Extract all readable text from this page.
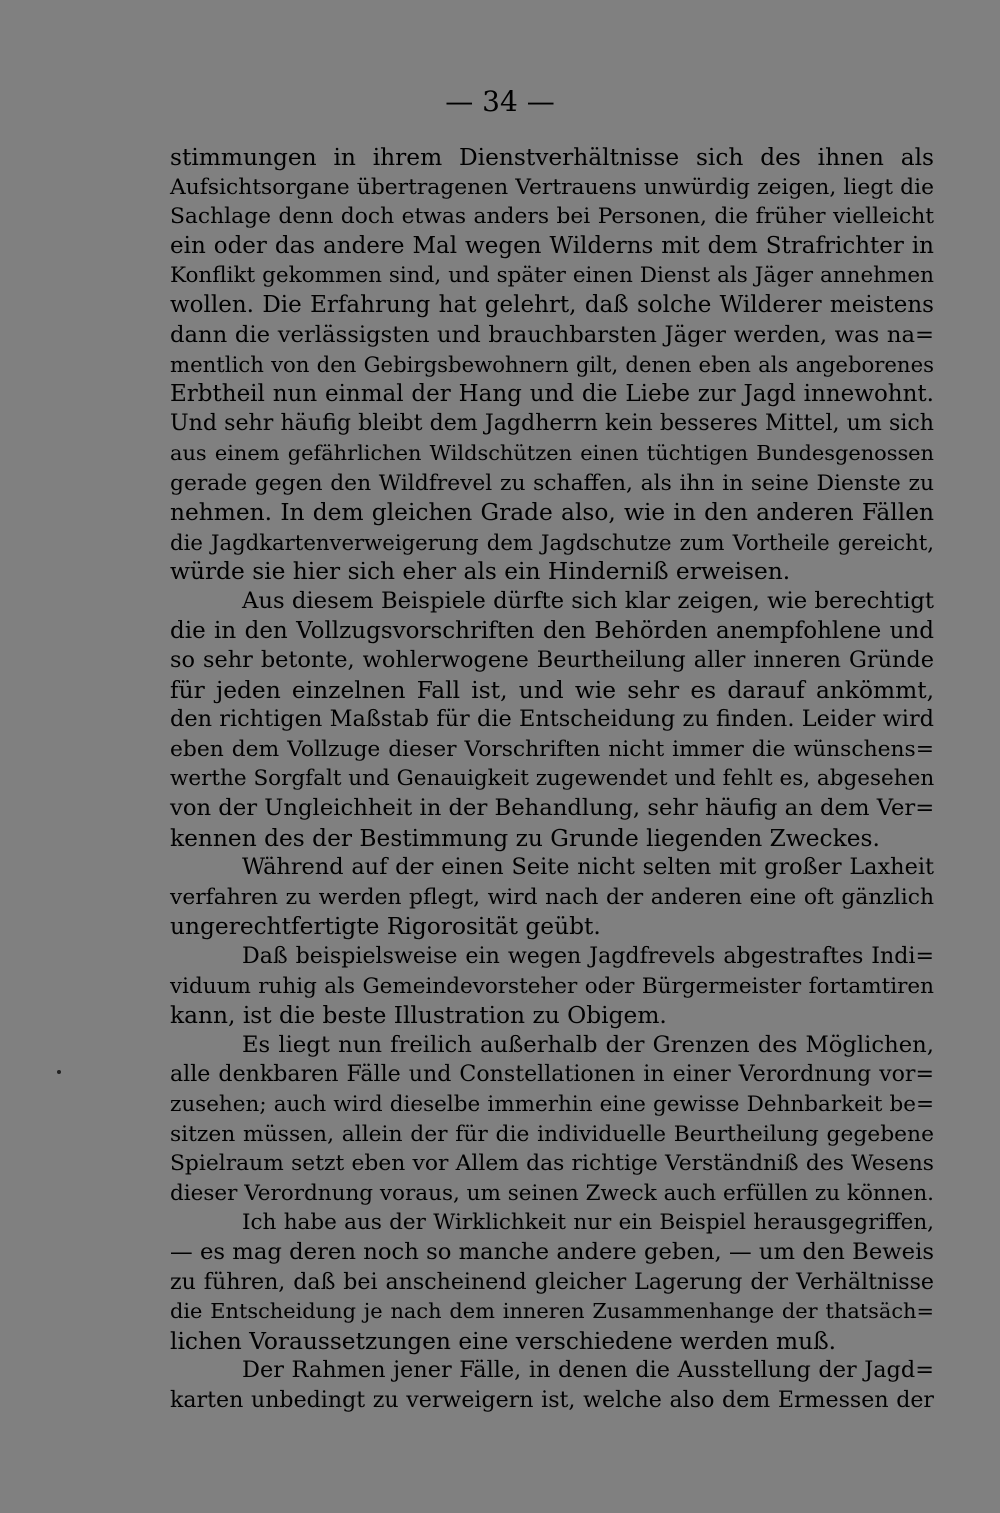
— 34 —
stimmungen in ihrem Dienstverhältnisse sich des ihnen als
Aufsichtsorgane übertragenen Vertrauens unwürdig zeigen, liegt die
Sachlage denn doch etwas anders bei Personen, die früher vielleicht
ein oder das andere Mal wegen Wilderns mit dem Strafrichter in
Konflikt gekommen sind, und später einen Dienst als Jäger annehmen
wollen. Die Erfahrung hat gelehrt, daß solche Wilderer meistens
dann die verlässigsten und brauchbarsten Jäger werden, was na=
mentlich von den Gebirgsbewohnern gilt, denen eben als angeborenes
Erbtheil nun einmal der Hang und die Liebe zur Jagd innewohnt.
Und sehr häufig bleibt dem Jagdherrn kein besseres Mittel, um sich
aus einem gefährlichen Wildschützen einen tüchtigen Bundesgenossen
gerade gegen den Wildfrevel zu schaffen, als ihn in seine Dienste zu
nehmen. In dem gleichen Grade also, wie in den anderen Fällen
die Jagdkartenverweigerung dem Jagdschutze zum Vortheile gereicht,
würde sie hier sich eher als ein Hinderniß erweisen.
Aus diesem Beispiele dürfte sich klar zeigen, wie berechtigt
die in den Vollzugsvorschriften den Behörden anempfohlene und
so sehr betonte, wohlerwogene Beurtheilung aller inneren Gründe
für jeden einzelnen Fall ist, und wie sehr es darauf ankömmt,
den richtigen Maßstab für die Entscheidung zu finden. Leider wird
eben dem Vollzuge dieser Vorschriften nicht immer die wünschens=
werthe Sorgfalt und Genauigkeit zugewendet und fehlt es, abgesehen
von der Ungleichheit in der Behandlung, sehr häufig an dem Ver=
kennen des der Bestimmung zu Grunde liegenden Zweckes.
Während auf der einen Seite nicht selten mit großer Laxheit
verfahren zu werden pflegt, wird nach der anderen eine oft gänzlich
ungerechtfertigte Rigorosität geübt.
Daß beispielsweise ein wegen Jagdfrevels abgestraftes Indi=
viduum ruhig als Gemeindevorsteher oder Bürgermeister fortamtiren
kann, ist die beste Illustration zu Obigem.
Es liegt nun freilich außerhalb der Grenzen des Möglichen,
alle denkbaren Fälle und Constellationen in einer Verordnung vor=
zusehen; auch wird dieselbe immerhin eine gewisse Dehnbarkeit be=
sitzen müssen, allein der für die individuelle Beurtheilung gegebene
Spielraum setzt eben vor Allem das richtige Verständniß des Wesens
dieser Verordnung voraus, um seinen Zweck auch erfüllen zu können.
Ich habe aus der Wirklichkeit nur ein Beispiel herausgegriffen,
— es mag deren noch so manche andere geben, — um den Beweis
zu führen, daß bei anscheinend gleicher Lagerung der Verhältnisse
die Entscheidung je nach dem inneren Zusammenhange der thatsäch=
lichen Voraussetzungen eine verschiedene werden muß.
Der Rahmen jener Fälle, in denen die Ausstellung der Jagd=
karten unbedingt zu verweigern ist, welche also dem Ermessen der
